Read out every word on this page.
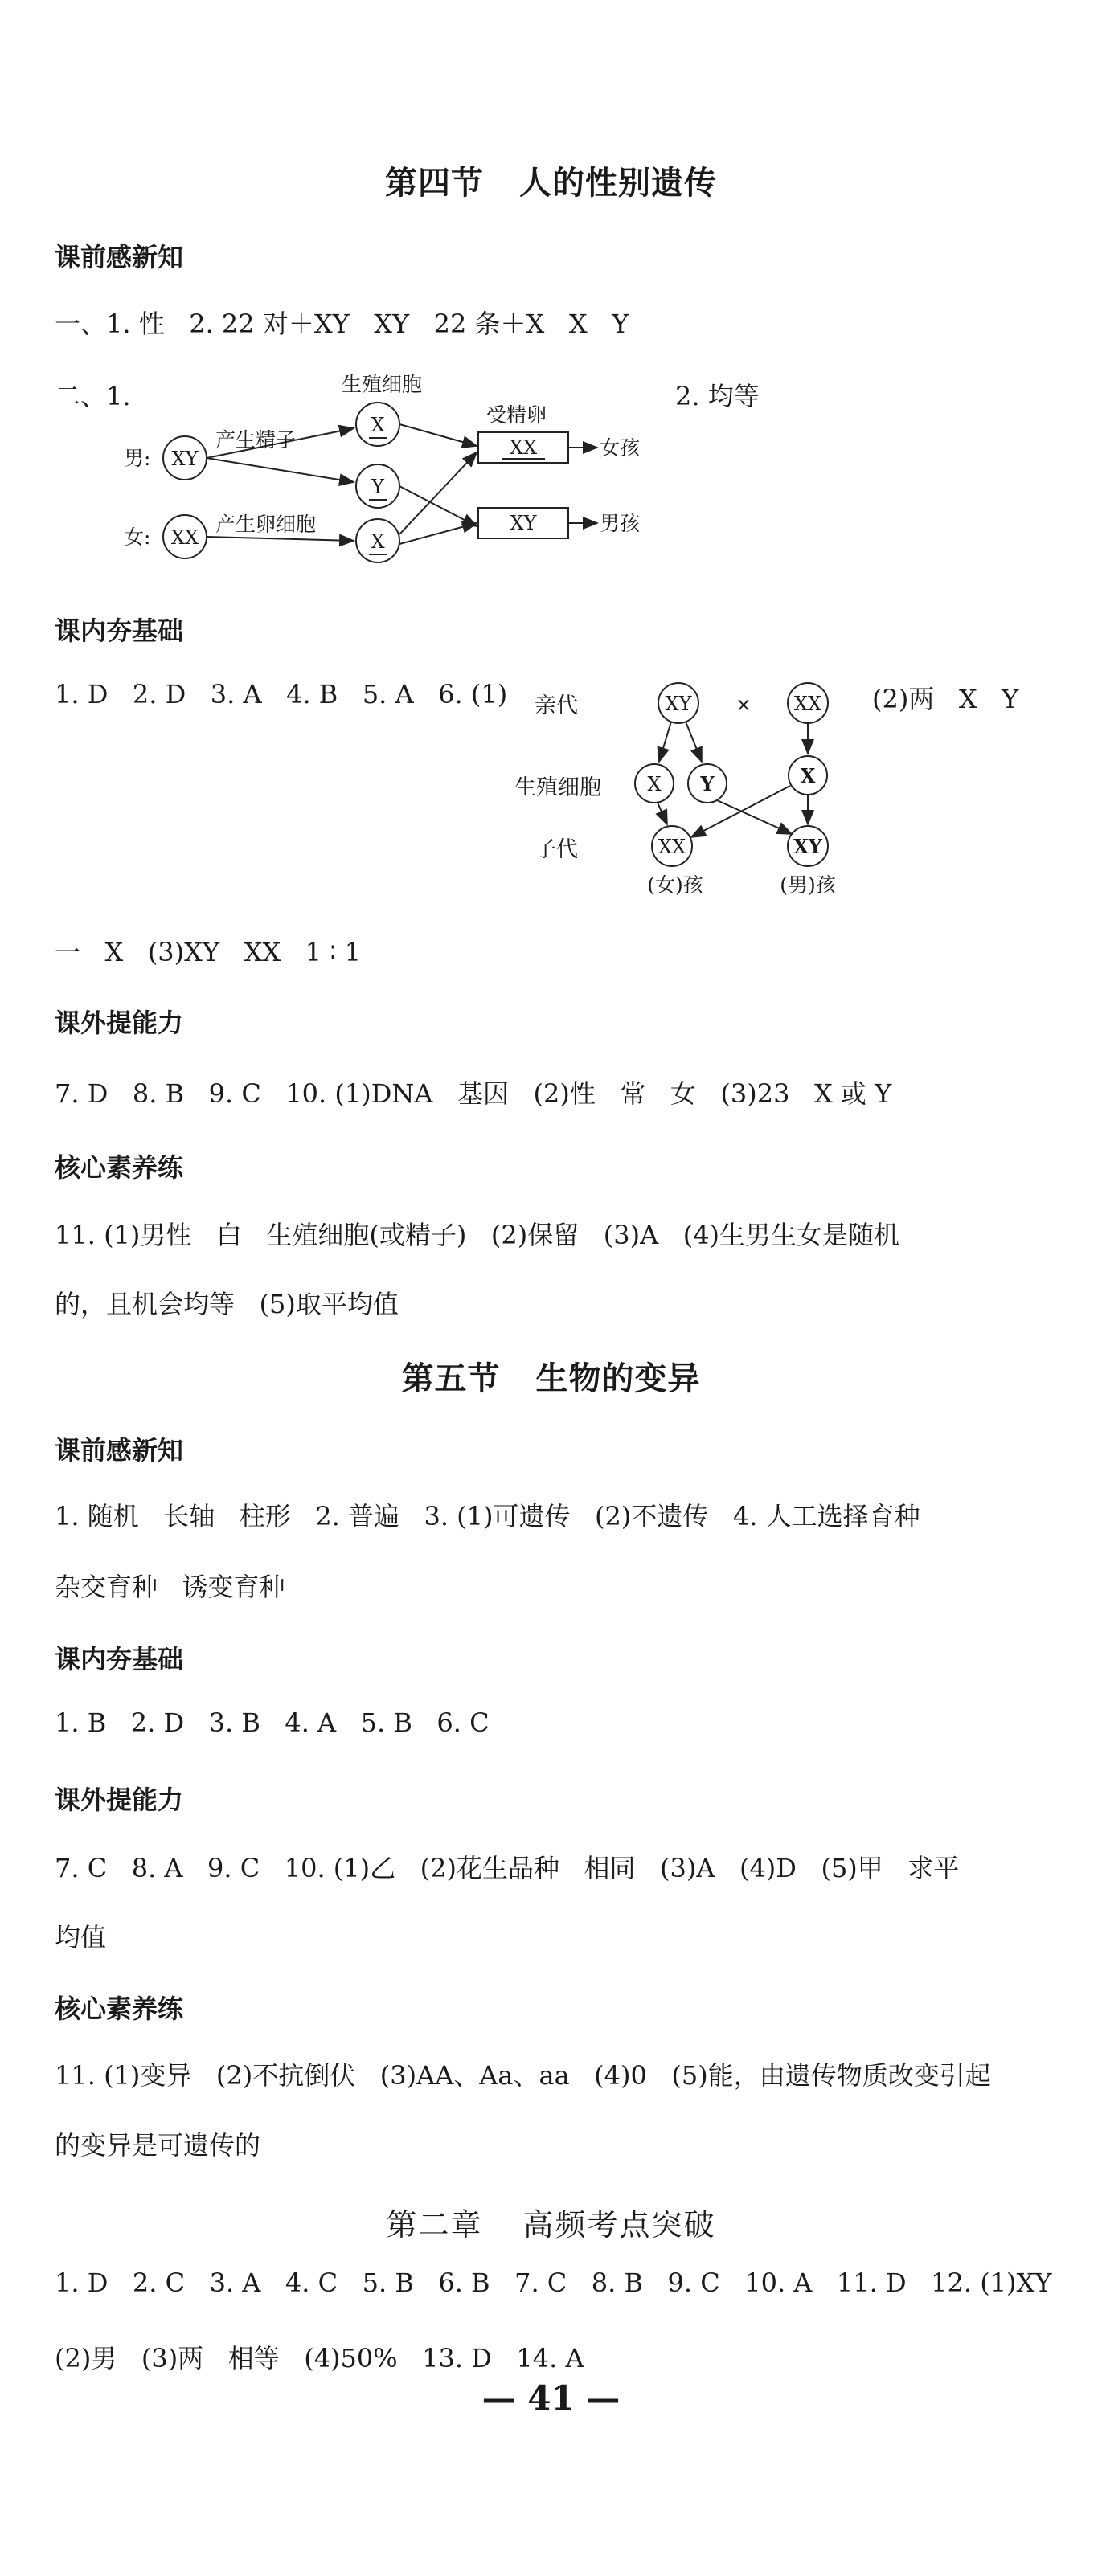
第四节 人的性别遗传
课前感新知
一、1. 性   2. 22 对＋XY   XY   22 条＋X   X   Y
二、1.	2. 均等
生殖细胞
受精卵
男:
女:
产生精子
产生卵细胞
女孩
男孩
XY
XX
X
Y
X
XX
XY
课内夯基础
1. D   2. D   3. A   4. B   5. A   6. (1)	(2)两   X   Y
亲代
生殖细胞
子代
XY	XX
×
X Y	X
XX	XY
(女)孩	(男)孩
一   X   (3)XY   XX   1 ∶ 1
课外提能力
7. D   8. B   9. C   10. (1)DNA   基因   (2)性   常   女   (3)23   X 或 Y
核心素养练
11. (1)男性   白   生殖细胞(或精子)   (2)保留   (3)A   (4)生男生女是随机
的，且机会均等   (5)取平均值
第五节 生物的变异
课前感新知
1. 随机   长轴   柱形   2. 普遍   3. (1)可遗传   (2)不遗传   4. 人工选择育种
杂交育种   诱变育种
课内夯基础
1. B   2. D   3. B   4. A   5. B   6. C
课外提能力
7. C   8. A   9. C   10. (1)乙   (2)花生品种   相同   (3)A   (4)D   (5)甲   求平
均值
核心素养练
11. (1)变异   (2)不抗倒伏   (3)AA、Aa、aa   (4)0   (5)能，由遗传物质改变引起
的变异是可遗传的
第二章 高频考点突破
1. D   2. C   3. A   4. C   5. B   6. B   7. C   8. B   9. C   10. A   11. D   12. (1)XY
(2)男   (3)两   相等   (4)50%   13. D   14. A
— 41 —
